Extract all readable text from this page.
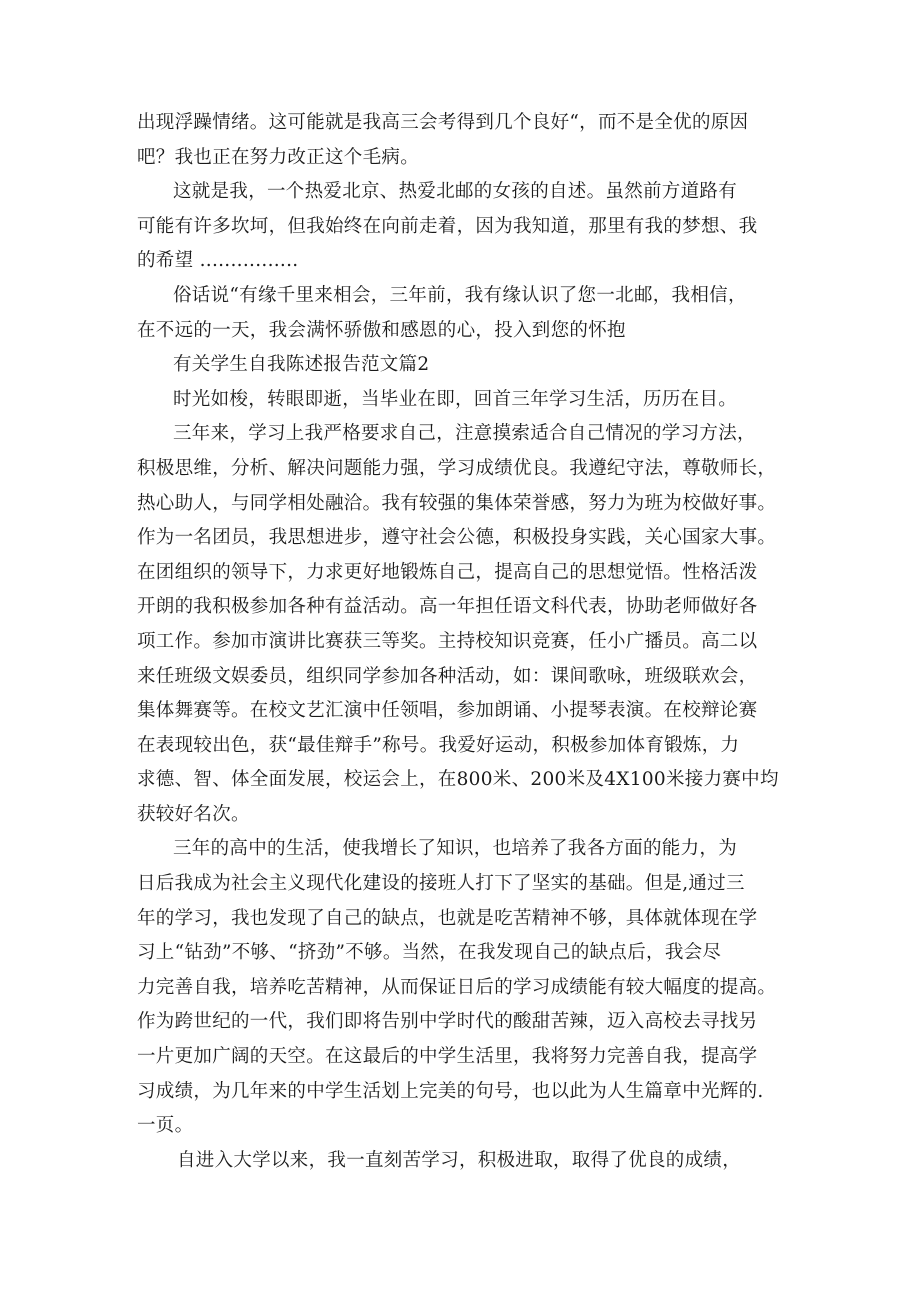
出现浮躁情绪。这可能就是我高三会考得到几个良好“，而不是全优的原因
吧？我也正在努力改正这个毛病。
这就是我，一个热爱北京、热爱北邮的女孩的自述。虽然前方道路有
可能有许多坎坷，但我始终在向前走着，因为我知道，那里有我的梦想、我
的希望 ................
俗话说“有缘千里来相会，三年前，我有缘认识了您一北邮，我相信，
在不远的一天，我会满怀骄傲和感恩的心，投入到您的怀抱
有关学生自我陈述报告范文篇2
时光如梭，转眼即逝，当毕业在即，回首三年学习生活，历历在目。
三年来，学习上我严格要求自己，注意摸索适合自己情况的学习方法，
积极思维，分析、解决问题能力强，学习成绩优良。我遵纪守法，尊敬师长，
热心助人，与同学相处融洽。我有较强的集体荣誉感，努力为班为校做好事。
作为一名团员，我思想进步，遵守社会公德，积极投身实践，关心国家大事。
在团组织的领导下，力求更好地锻炼自己，提高自己的思想觉悟。性格活泼
开朗的我积极参加各种有益活动。高一年担任语文科代表，协助老师做好各
项工作。参加市演讲比赛获三等奖。主持校知识竞赛，任小广播员。高二以
来任班级文娱委员，组织同学参加各种活动，如：课间歌咏，班级联欢会，
集体舞赛等。在校文艺汇演中任领唱，参加朗诵、小提琴表演。在校辩论赛
在表现较出色，获“最佳辩手”称号。我爱好运动，积极参加体育锻炼，力
求德、智、体全面发展，校运会上，在800米、200米及4X100米接力赛中均
获较好名次。
三年的高中的生活，使我增长了知识，也培养了我各方面的能力，为
日后我成为社会主义现代化建设的接班人打下了坚实的基础。但是,通过三
年的学习，我也发现了自己的缺点，也就是吃苦精神不够，具体就体现在学
习上“钻劲”不够、“挤劲”不够。当然，在我发现自己的缺点后，我会尽
力完善自我，培养吃苦精神，从而保证日后的学习成绩能有较大幅度的提高。
作为跨世纪的一代，我们即将告别中学时代的酸甜苦辣，迈入高校去寻找另
一片更加广阔的天空。在这最后的中学生活里，我将努力完善自我，提高学
习成绩，为几年来的中学生活划上完美的句号，也以此为人生篇章中光辉的.
一页。
自进入大学以来，我一直刻苦学习，积极进取，取得了优良的成绩，
